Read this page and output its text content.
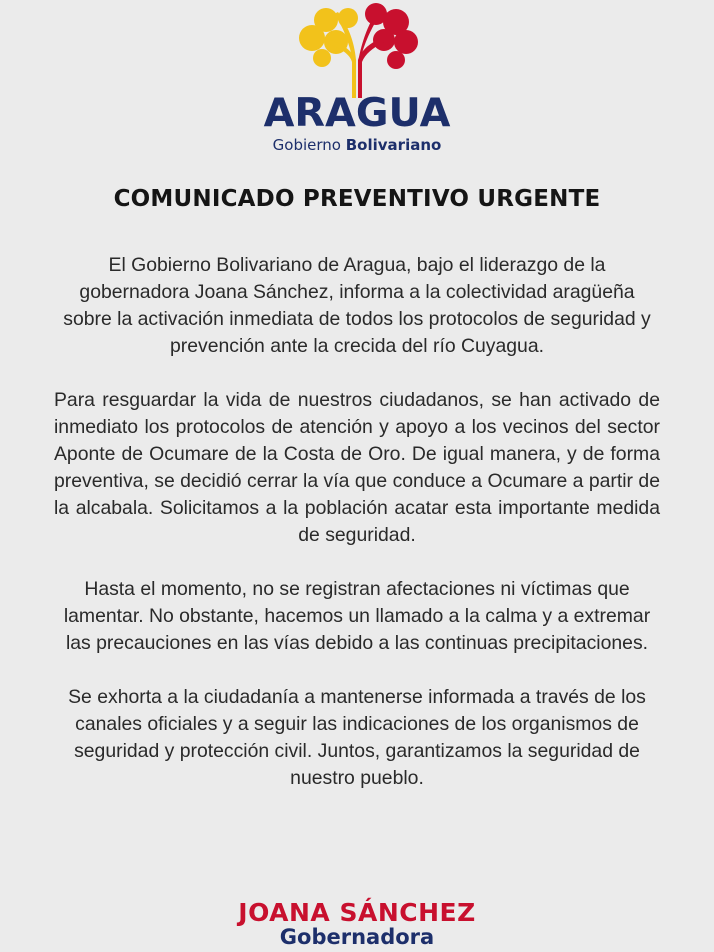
ARAGUA
Gobierno Bolivariano
COMUNICADO PREVENTIVO URGENTE

El Gobierno Bolivariano de Aragua, bajo el liderazgo de la gobernadora Joana Sánchez, informa a la colectividad aragüeña sobre la activación inmediata de todos los protocolos de seguridad y prevención ante la crecida del río Cuyagua.

Para resguardar la vida de nuestros ciudadanos, se han activado de inmediato los protocolos de atención y apoyo a los vecinos del sector Aponte de Ocumare de la Costa de Oro. De igual manera, y de forma preventiva, se decidió cerrar la vía que conduce a Ocumare a partir de la alcabala. Solicitamos a la población acatar esta importante medida de seguridad.

Hasta el momento, no se registran afectaciones ni víctimas que lamentar. No obstante, hacemos un llamado a la calma y a extremar las precauciones en las vías debido a las continuas precipitaciones.

Se exhorta a la ciudadanía a mantenerse informada a través de los canales oficiales y a seguir las indicaciones de los organismos de seguridad y protección civil. Juntos, garantizamos la seguridad de nuestro pueblo.

JOANA SÁNCHEZ
Gobernadora
